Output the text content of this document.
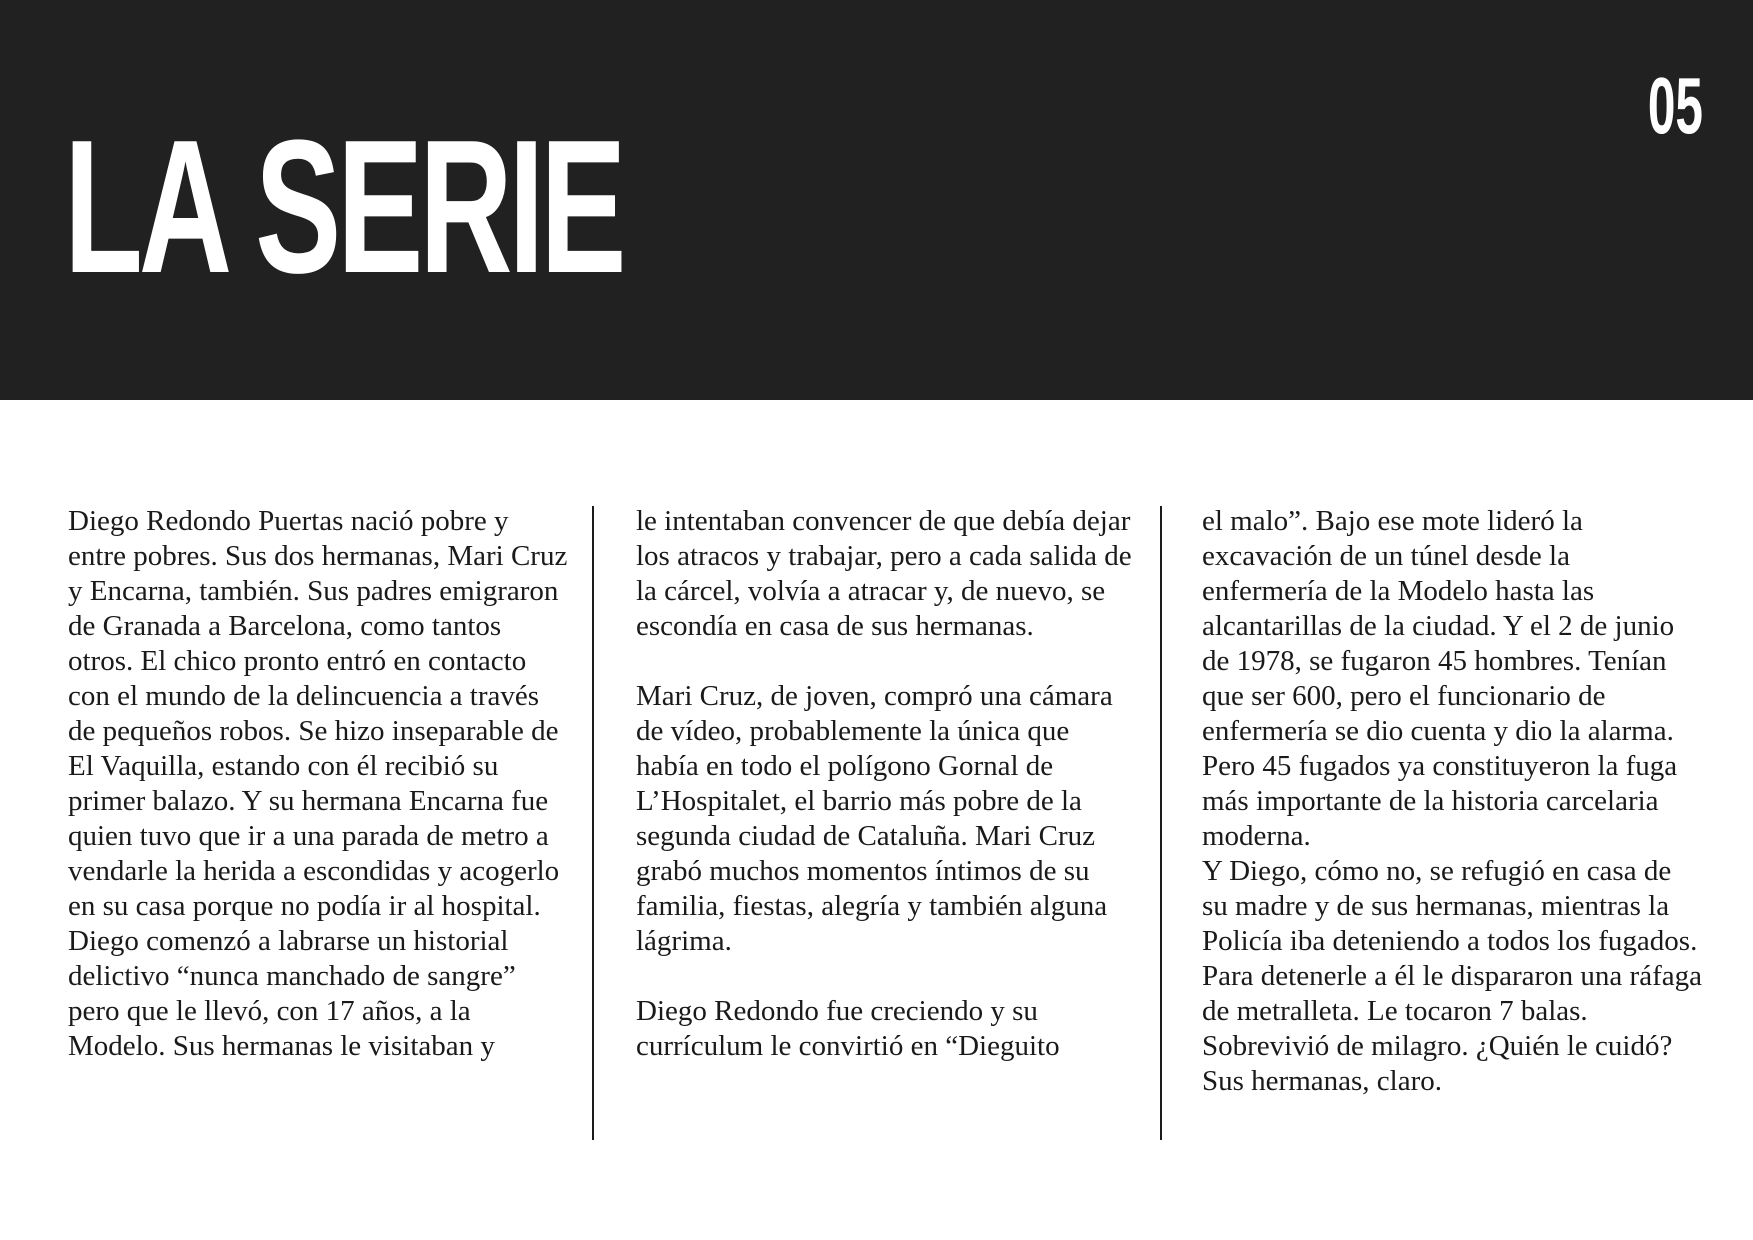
LA SERIE	05

Diego Redondo Puertas nació pobre y entre pobres. Sus dos hermanas, Mari Cruz y Encarna, también. Sus padres emigraron de Granada a Barcelona, como tantos otros. El chico pronto entró en contacto con el mundo de la delincuencia a través de pequeños robos. Se hizo inseparable de El Vaquilla, estando con él recibió su primer balazo. Y su hermana Encarna fue quien tuvo que ir a una parada de metro a vendarle la herida a escondidas y acogerlo en su casa porque no podía ir al hospital.

Diego comenzó a labrarse un historial delictivo “nunca manchado de sangre” pero que le llevó, con 17 años, a la Modelo. Sus hermanas le visitaban y

le intentaban convencer de que debía dejar los atracos y trabajar, pero a cada salida de la cárcel, volvía a atracar y, de nuevo, se escondía en casa de sus hermanas.

Mari Cruz, de joven, compró una cámara de vídeo, probablemente la única que había en todo el polígono Gornal de L’Hospitalet, el barrio más pobre de la segunda ciudad de Cataluña. Mari Cruz grabó muchos momentos íntimos de su familia, fiestas, alegría y también alguna lágrima.

Diego Redondo fue creciendo y su currículum le convirtió en “Dieguito

el malo”. Bajo ese mote lideró la excavación de un túnel desde la enfermería de la Modelo hasta las alcantarillas de la ciudad. Y el 2 de junio de 1978, se fugaron 45 hombres. Tenían que ser 600, pero el funcionario de enfermería se dio cuenta y dio la alarma. Pero 45 fugados ya constituyeron la fuga más importante de la historia carcelaria moderna.

Y Diego, cómo no, se refugió en casa de su madre y de sus hermanas, mientras la Policía iba deteniendo a todos los fugados. Para detenerle a él le dispararon una ráfaga de metralleta. Le tocaron 7 balas. Sobrevivió de milagro. ¿Quién le cuidó? Sus hermanas, claro.
